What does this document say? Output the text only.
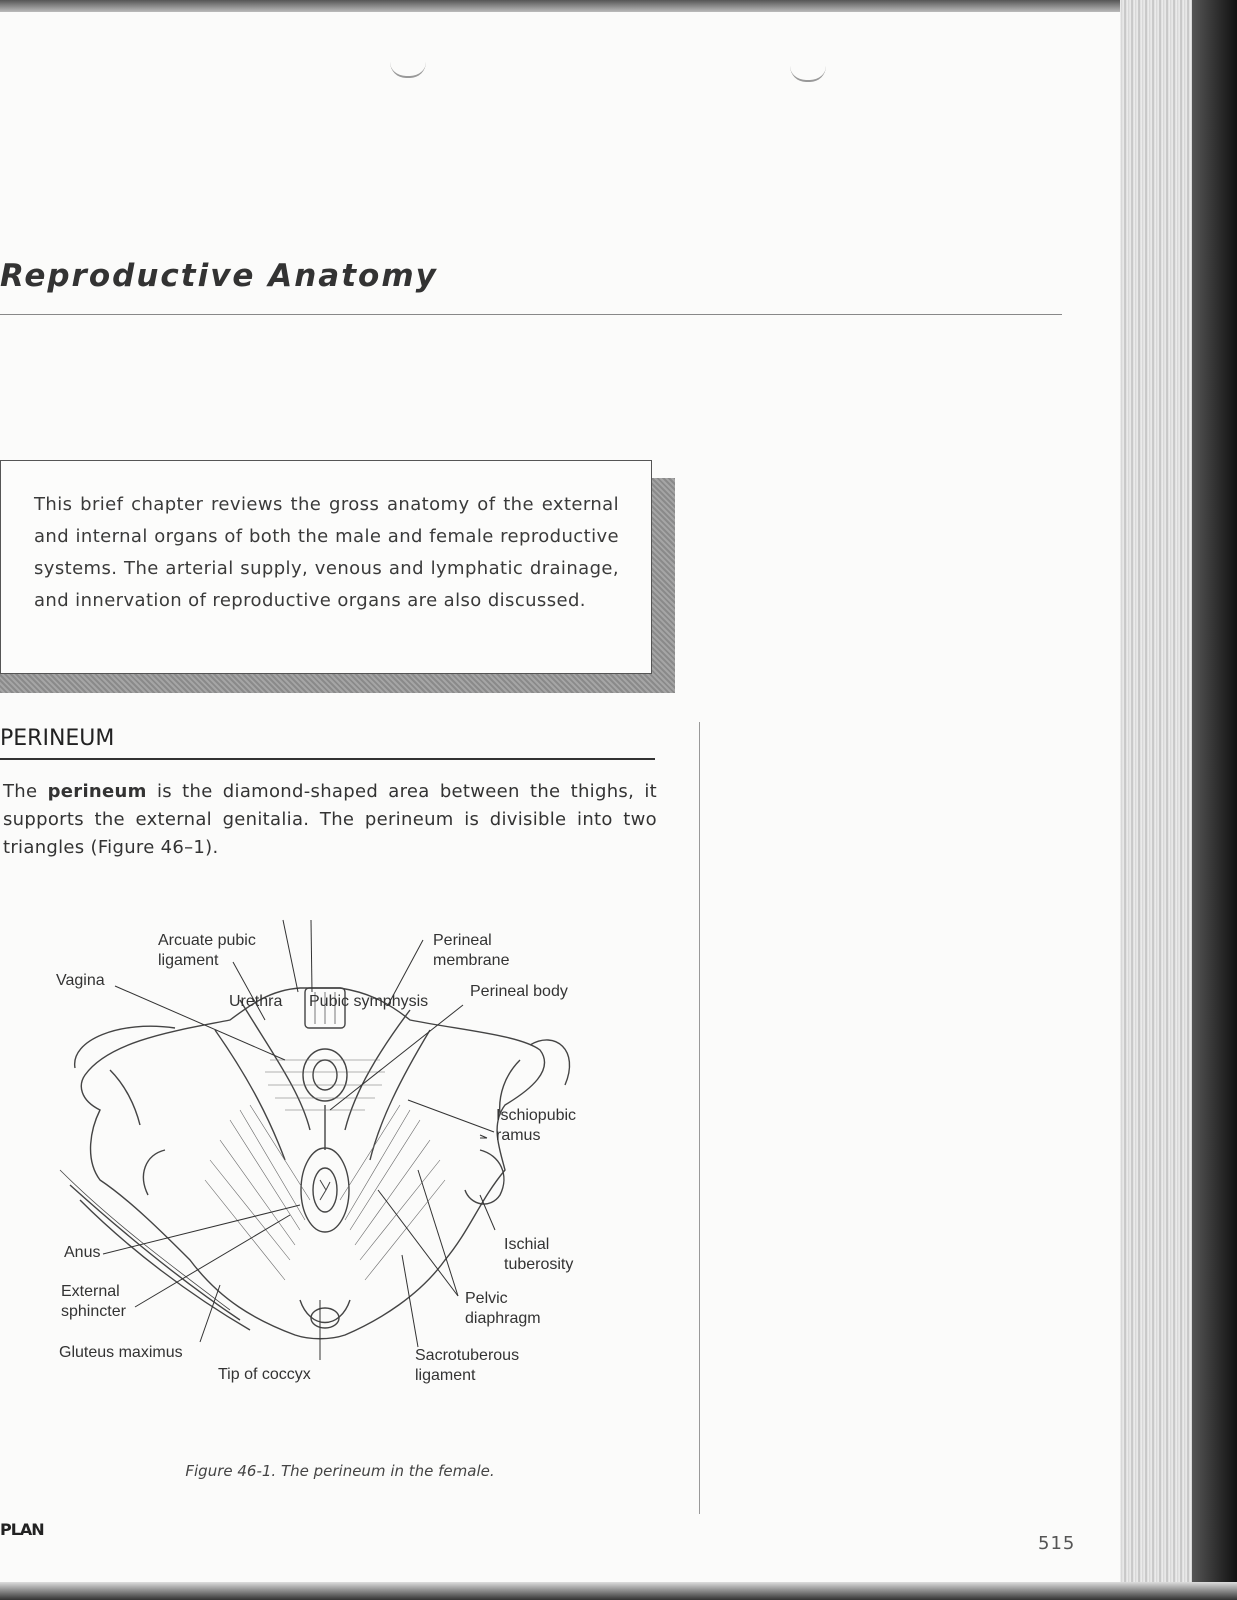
Reproductive Anatomy

This brief chapter reviews the gross anatomy of the external and internal organs of both the male and female reproductive systems. The arterial supply, venous and lymphatic drainage, and innervation of reproductive organs are also discussed.

PERINEUM

The perineum is the diamond-shaped area between the thighs, it supports the external genitalia. The perineum is divisible into two triangles (Figure 46–1).

Urethra Pubic symphysis
Arcuate pubic
ligament
Perineal
membrane
Vagina
Perineal body
Ischiopubic
ramus
Ischial
tuberosity
Anus
External
sphincter
Pelvic
diaphragm
Gluteus maximus	Sacrotuberous
ligament
Tip of coccyx

Figure 46-1. The perineum in the female.

PLAN
515
